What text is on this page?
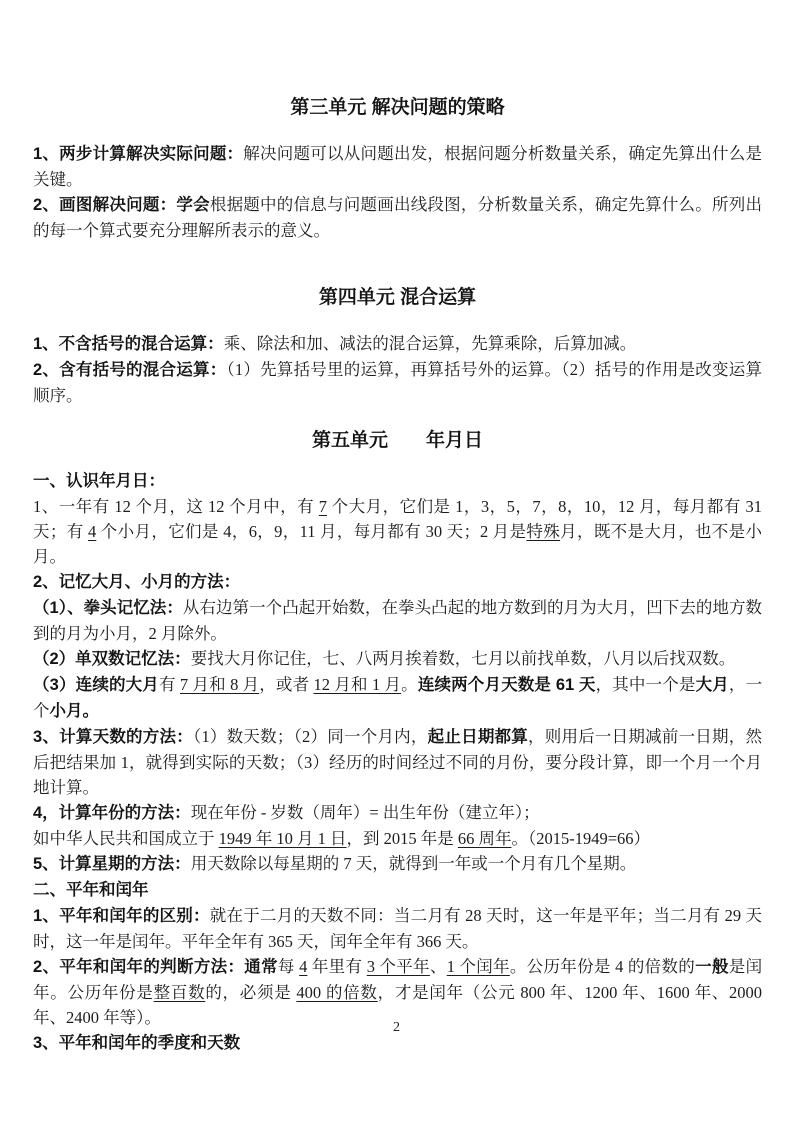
第三单元 解决问题的策略

1、两步计算解决实际问题：解决问题可以从问题出发，根据问题分析数量关系，确定先算出什么是关键。

2、画图解决问题：学会根据题中的信息与问题画出线段图，分析数量关系，确定先算什么。所列出的每一个算式要充分理解所表示的意义。

第四单元 混合运算

1、不含括号的混合运算：乘、除法和加、减法的混合运算，先算乘除，后算加减。

2、含有括号的混合运算：（1）先算括号里的运算，再算括号外的运算。（2）括号的作用是改变运算顺序。

第五单元　　年月日

一、认识年月日：

1、一年有 12 个月，这 12 个月中，有 7 个大月，它们是 1，3，5，7，8，10，12 月，每月都有 31 天；有 4 个小月，它们是 4，6，9，11 月，每月都有 30 天；2 月是特殊月，既不是大月，也不是小月。

2、记忆大月、小月的方法：

（1）、拳头记忆法：从右边第一个凸起开始数，在拳头凸起的地方数到的月为大月，凹下去的地方数到的月为小月，2 月除外。

（2）单双数记忆法：要找大月你记住，七、八两月挨着数，七月以前找单数，八月以后找双数。

（3）连续的大月有 7 月和 8 月，或者 12 月和 1 月。连续两个月天数是 61 天，其中一个是大月，一个小月。

3、计算天数的方法：（1）数天数；（2）同一个月内，起止日期都算，则用后一日期减前一日期，然后把结果加 1，就得到实际的天数；（3）经历的时间经过不同的月份，要分段计算，即一个月一个月地计算。

4，计算年份的方法：现在年份 - 岁数（周年）= 出生年份（建立年）；

如中华人民共和国成立于 1949 年 10 月 1 日，到 2015 年是 66 周年。（2015-1949=66）

5、计算星期的方法：用天数除以每星期的 7 天，就得到一年或一个月有几个星期。

二、平年和闰年

1、平年和闰年的区别：就在于二月的天数不同：当二月有 28 天时，这一年是平年；当二月有 29 天时，这一年是闰年。平年全年有 365 天，闰年全年有 366 天。

2、平年和闰年的判断方法：通常每 4 年里有 3 个平年、1 个闰年。公历年份是 4 的倍数的一般是闰年。公历年份是整百数的，必须是 400 的倍数，才是闰年（公元 800 年、1200 年、1600 年、2000 年、2400 年等）。

3、平年和闰年的季度和天数

2
